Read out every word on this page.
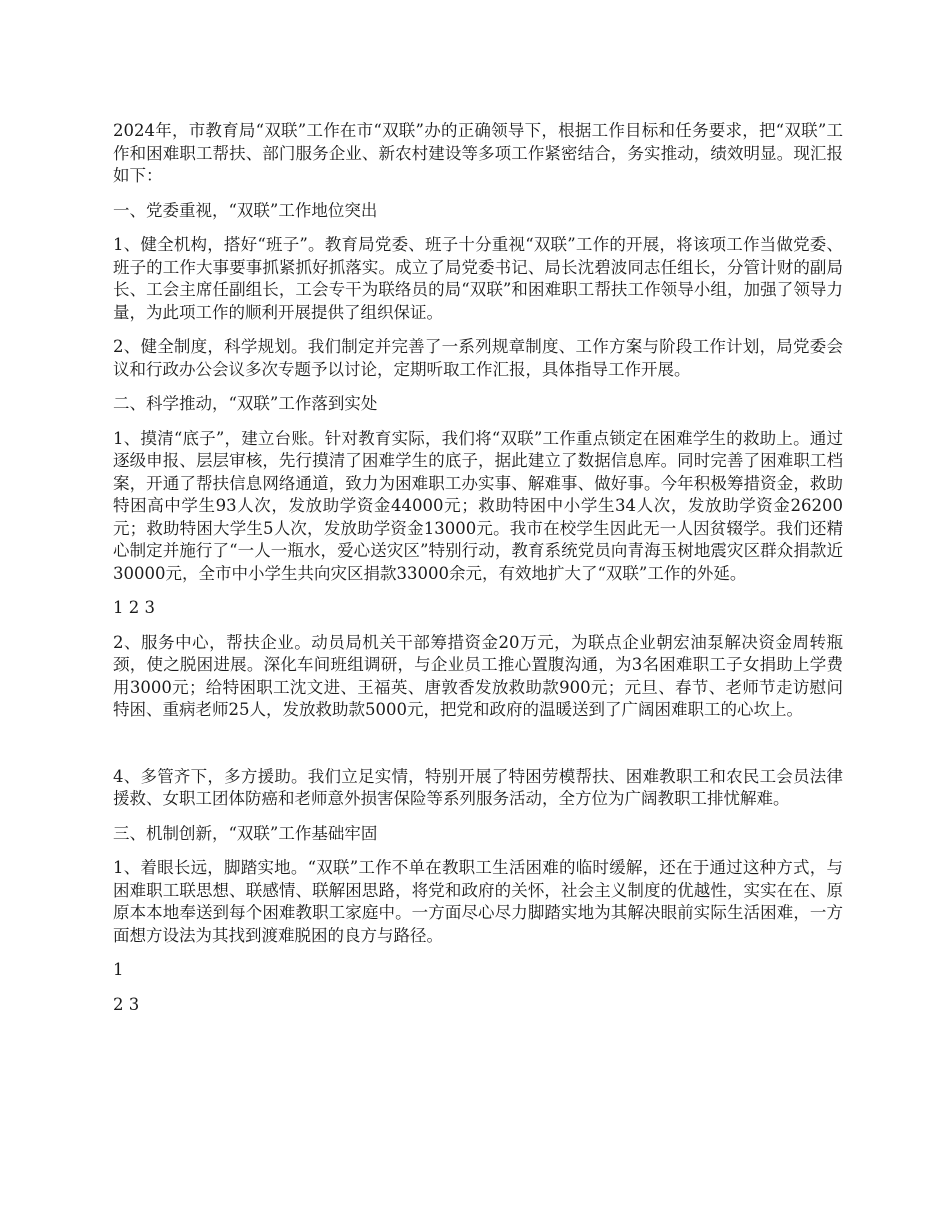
2024年，市教育局“双联”工作在市“双联”办的正确领导下，根据工作目标和任务要求，把“双联”工作和困难职工帮扶、部门服务企业、新农村建设等多项工作紧密结合，务实推动，绩效明显。现汇报如下：

一、党委重视，“双联”工作地位突出

1、健全机构，搭好“班子”。教育局党委、班子十分重视“双联”工作的开展，将该项工作当做党委、班子的工作大事要事抓紧抓好抓落实。成立了局党委书记、局长沈碧波同志任组长，分管计财的副局长、工会主席任副组长，工会专干为联络员的局“双联”和困难职工帮扶工作领导小组，加强了领导力量，为此项工作的顺利开展提供了组织保证。

2、健全制度，科学规划。我们制定并完善了一系列规章制度、工作方案与阶段工作计划，局党委会议和行政办公会议多次专题予以讨论，定期听取工作汇报，具体指导工作开展。

二、科学推动，“双联”工作落到实处

1、摸清“底子”，建立台账。针对教育实际，我们将“双联”工作重点锁定在困难学生的救助上。通过逐级申报、层层审核，先行摸清了困难学生的底子，据此建立了数据信息库。同时完善了困难职工档案，开通了帮扶信息网络通道，致力为困难职工办实事、解难事、做好事。今年积极筹措资金，救助特困高中学生93人次，发放助学资金44000元；救助特困中小学生34人次，发放助学资金26200元；救助特困大学生5人次，发放助学资金13000元。我市在校学生因此无一人因贫辍学。我们还精心制定并施行了“一人一瓶水，爱心送灾区”特别行动，教育系统党员向青海玉树地震灾区群众捐款近30000元，全市中小学生共向灾区捐款33000余元，有效地扩大了“双联”工作的外延。

1 2 3

2、服务中心，帮扶企业。动员局机关干部筹措资金20万元，为联点企业朝宏油泵解决资金周转瓶颈，使之脱困进展。深化车间班组调研，与企业员工推心置腹沟通，为3名困难职工子女捐助上学费用3000元；给特困职工沈文进、王福英、唐敦香发放救助款900元；元旦、春节、老师节走访慰问特困、重病老师25人，发放救助款5000元，把党和政府的温暖送到了广阔困难职工的心坎上。

4、多管齐下，多方援助。我们立足实情，特别开展了特困劳模帮扶、困难教职工和农民工会员法律援救、女职工团体防癌和老师意外损害保险等系列服务活动，全方位为广阔教职工排忧解难。

三、机制创新，“双联”工作基础牢固

1、着眼长远，脚踏实地。“双联”工作不单在教职工生活困难的临时缓解，还在于通过这种方式，与困难职工联思想、联感情、联解困思路，将党和政府的关怀，社会主义制度的优越性，实实在在、原原本本地奉送到每个困难教职工家庭中。一方面尽心尽力脚踏实地为其解决眼前实际生活困难，一方面想方设法为其找到渡难脱困的良方与路径。

1

2 3
